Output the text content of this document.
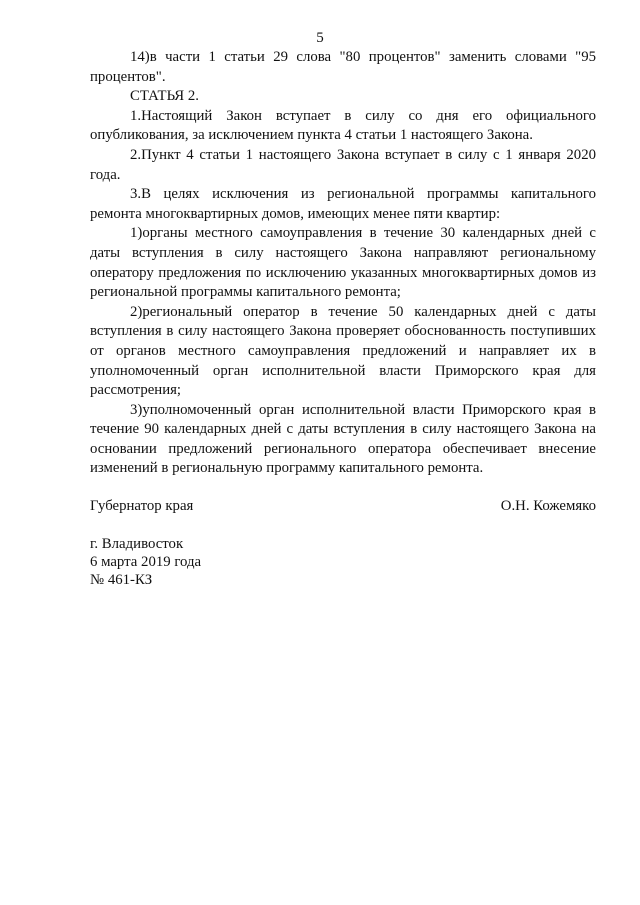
5

14)в части 1 статьи 29 слова "80 процентов" заменить словами "95 процентов".

СТАТЬЯ 2.

1.Настоящий Закон вступает в силу со дня его официального опубликования, за исключением пункта 4 статьи 1 настоящего Закона.

2.Пункт 4 статьи 1 настоящего Закона вступает в силу с 1 января 2020 года.

3.В целях исключения из региональной программы капитального ремонта многоквартирных домов, имеющих менее пяти квартир:

1)органы местного самоуправления в течение 30 календарных дней с даты вступления в силу настоящего Закона направляют региональному оператору предложения по исключению указанных многоквартирных домов из региональной программы капитального ремонта;

2)региональный оператор в течение 50 календарных дней с даты вступления в силу настоящего Закона проверяет обоснованность поступивших от органов местного самоуправления предложений и направляет их в уполномоченный орган исполнительной власти Приморского края для рассмотрения;

3)уполномоченный орган исполнительной власти Приморского края в течение 90 календарных дней с даты вступления в силу настоящего Закона на основании предложений регионального оператора обеспечивает внесение изменений в региональную программу капитального ремонта.

Губернатор края	О.Н. Кожемяко
г. Владивосток
6 марта 2019 года
№ 461-КЗ
